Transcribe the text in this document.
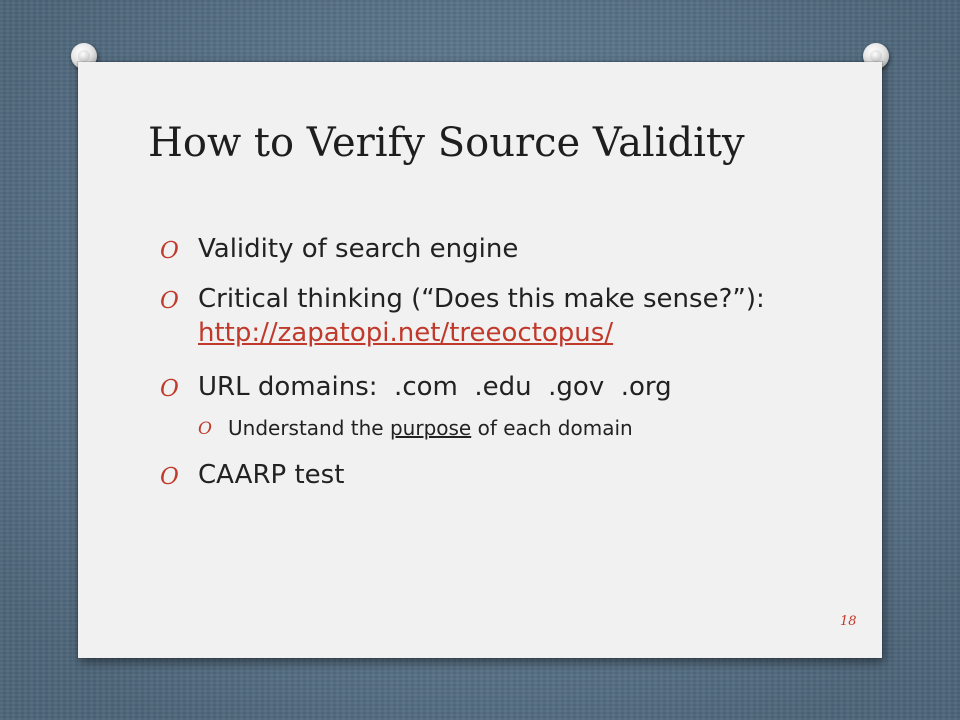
How to Verify Source Validity
O Validity of search engine
O Critical thinking (“Does this make sense?”):
http://zapatopi.net/treeoctopus/
O URL domains:  .com  .edu  .gov  .org
O Understand the purpose of each domain
O CAARP test
18
